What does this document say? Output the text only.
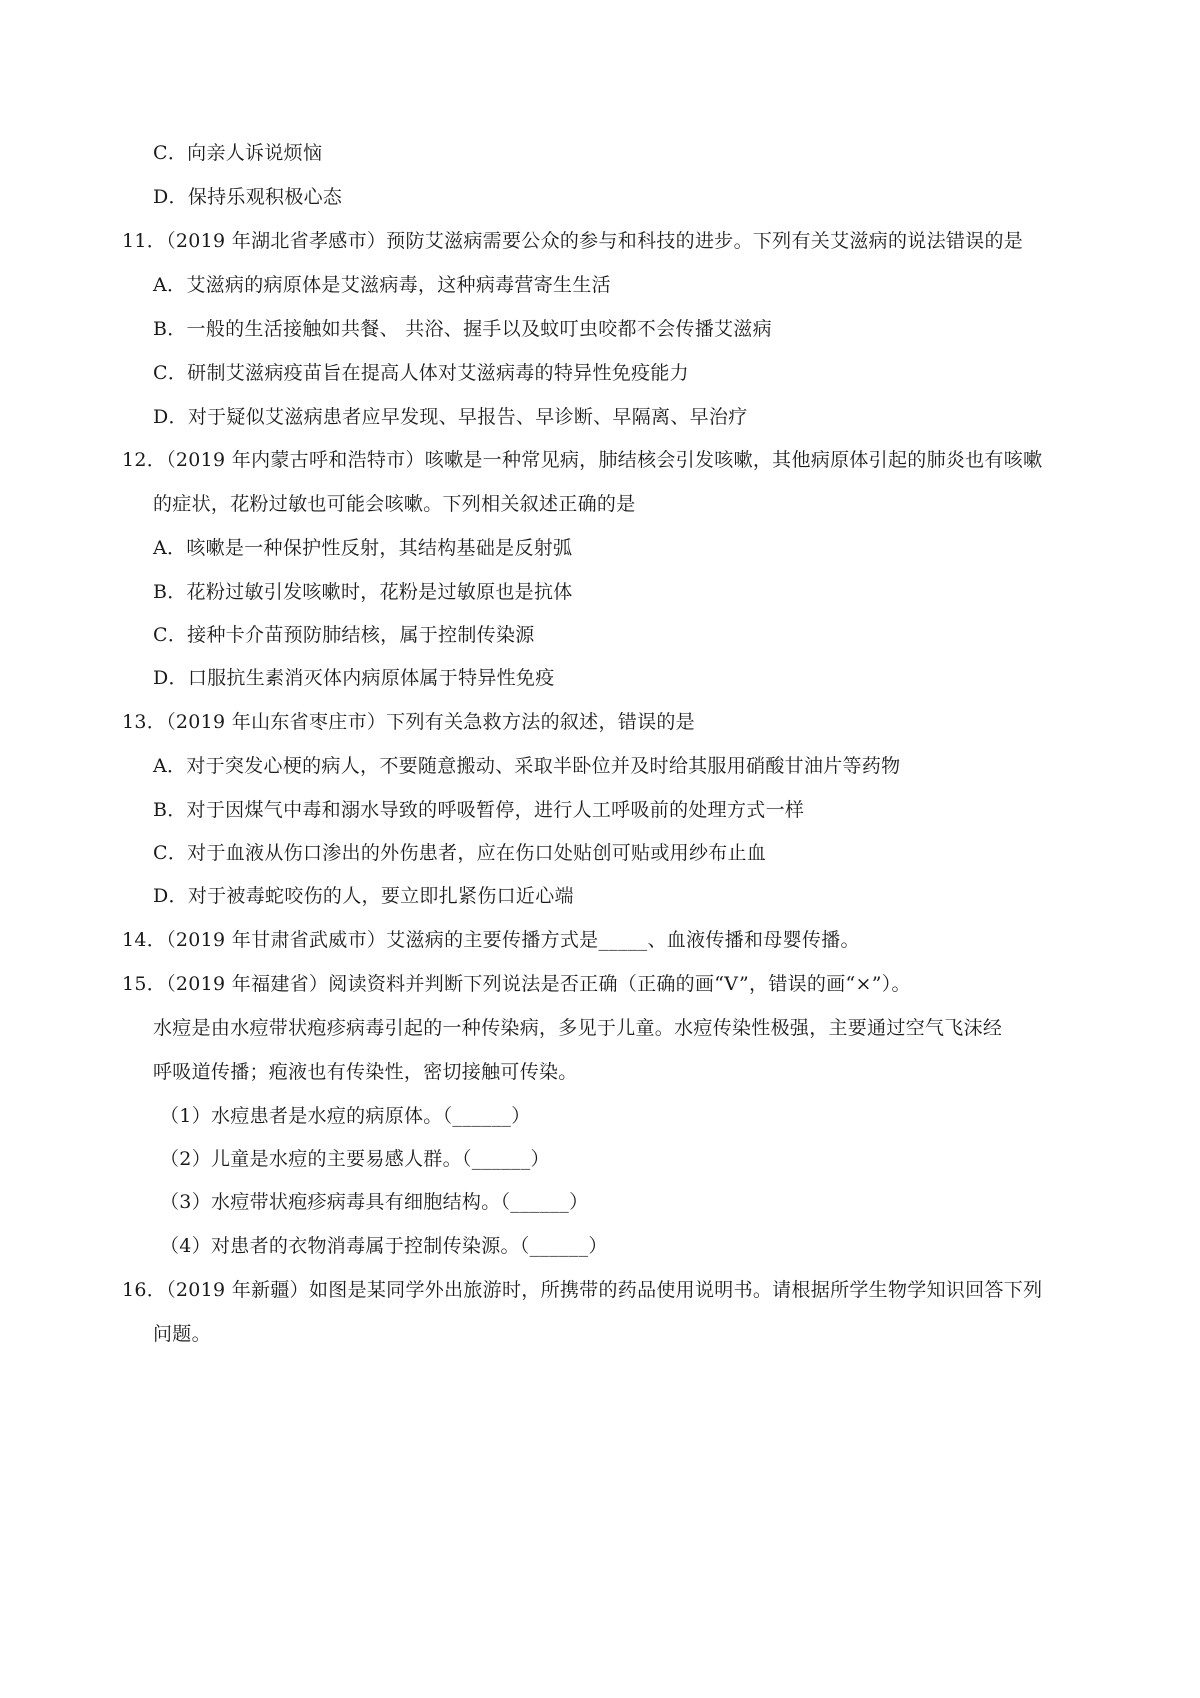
C．向亲人诉说烦恼
D．保持乐观积极心态
11．（2019 年湖北省孝感市）预防艾滋病需要公众的参与和科技的进步。下列有关艾滋病的说法错误的是
A．艾滋病的病原体是艾滋病毒，这种病毒营寄生生活
B．一般的生活接触如共餐、 共浴、握手以及蚊叮虫咬都不会传播艾滋病
C．研制艾滋病疫苗旨在提高人体对艾滋病毒的特异性免疫能力
D．对于疑似艾滋病患者应早发现、早报告、早诊断、早隔离、早治疗
12．（2019 年内蒙古呼和浩特市）咳嗽是一种常见病，肺结核会引发咳嗽，其他病原体引起的肺炎也有咳嗽
的症状，花粉过敏也可能会咳嗽。下列相关叙述正确的是
A．咳嗽是一种保护性反射，其结构基础是反射弧
B．花粉过敏引发咳嗽时，花粉是过敏原也是抗体
C．接种卡介苗预防肺结核，属于控制传染源
D．口服抗生素消灭体内病原体属于特异性免疫
13．（2019 年山东省枣庄市）下列有关急救方法的叙述，错误的是
A．对于突发心梗的病人，不要随意搬动、采取半卧位并及时给其服用硝酸甘油片等药物
B．对于因煤气中毒和溺水导致的呼吸暂停，进行人工呼吸前的处理方式一样
C．对于血液从伤口渗出的外伤患者，应在伤口处贴创可贴或用纱布止血
D．对于被毒蛇咬伤的人，要立即扎紧伤口近心端
14．（2019 年甘肃省武威市）艾滋病的主要传播方式是_____、血液传播和母婴传播。
15．（2019 年福建省）阅读资料并判断下列说法是否正确（正确的画“V”，错误的画“×”）。
水痘是由水痘带状疱疹病毒引起的一种传染病，多见于儿童。水痘传染性极强，主要通过空气飞沫经
呼吸道传播；疱液也有传染性，密切接触可传染。
（1）水痘患者是水痘的病原体。（______）
（2）儿童是水痘的主要易感人群。（______）
（3）水痘带状疱疹病毒具有细胞结构。（______）
（4）对患者的衣物消毒属于控制传染源。（______）
16．（2019 年新疆）如图是某同学外出旅游时，所携带的药品使用说明书。请根据所学生物学知识回答下列
问题。
